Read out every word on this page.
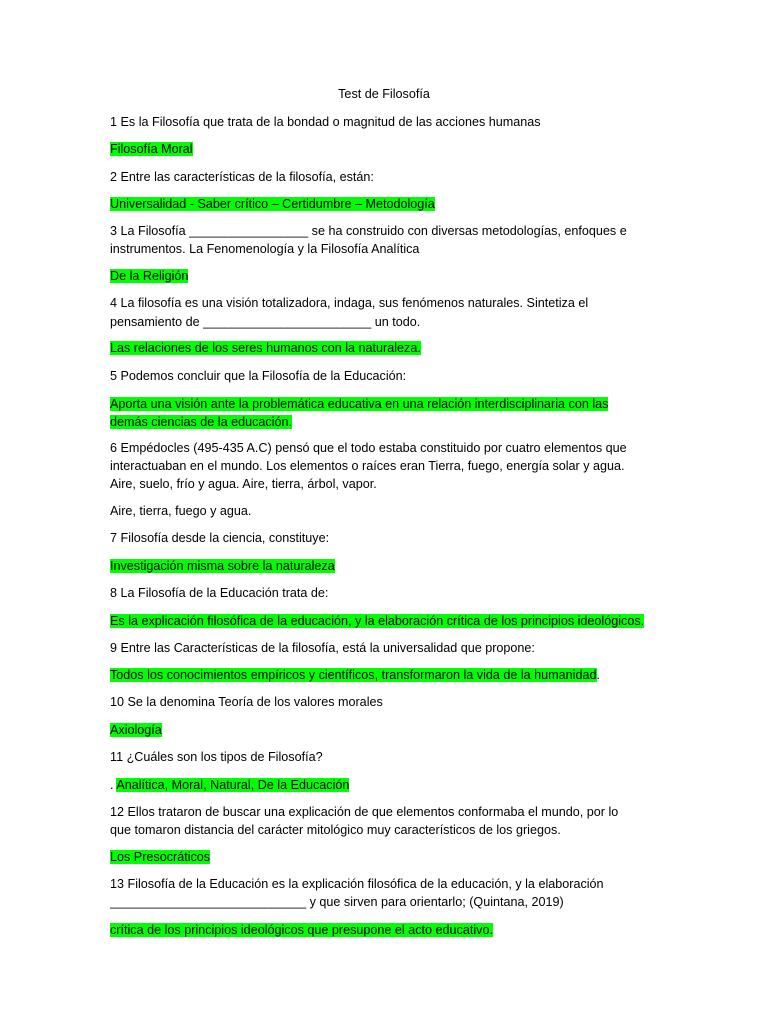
Test de Filosofía
1 Es la Filosofía que trata de la bondad o magnitud de las acciones humanas
Filosofía Moral
2 Entre las características de la filosofía, están:
Universalidad - Saber crítico – Certidumbre – Metodología
3 La Filosofía _________________ se ha construido con diversas metodologías, enfoques e
instrumentos. La Fenomenología y la Filosofía Analítica
De la Religión
4 La filosofía es una visión totalizadora, indaga, sus fenómenos naturales. Sintetiza el
pensamiento de ________________________ un todo.
Las relaciones de los seres humanos con la naturaleza.
5 Podemos concluir que la Filosofía de la Educación:
Aporta una visión ante la problemática educativa en una relación interdisciplinaria con las
demás ciencias de la educación.
6 Empédocles (495-435 A.C) pensó que el todo estaba constituido por cuatro elementos que
interactuaban en el mundo. Los elementos o raíces eran Tierra, fuego, energía solar y agua.
Aire, suelo, frío y agua. Aire, tierra, árbol, vapor.
Aire, tierra, fuego y agua.
7 Filosofía desde la ciencia, constituye:
Investigación misma sobre la naturaleza
8 La Filosofía de la Educación trata de:
Es la explicación filosófica de la educación, y la elaboración crítica de los principios ideológicos.
9 Entre las Características de la filosofía, está la universalidad que propone:
Todos los conocimientos empíricos y científicos, transformaron la vida de la humanidad.
10 Se la denomina Teoría de los valores morales
Axiología
11 ¿Cuáles son los tipos de Filosofía?
. Analítica, Moral, Natural, De la Educación
12 Ellos trataron de buscar una explicación de que elementos conformaba el mundo, por lo
que tomaron distancia del carácter mitológico muy característicos de los griegos.
Los Presocráticos
13 Filosofía de la Educación es la explicación filosófica de la educación, y la elaboración
____________________________ y que sirven para orientarlo; (Quintana, 2019)
crítica de los principios ideológicos que presupone el acto educativo.
